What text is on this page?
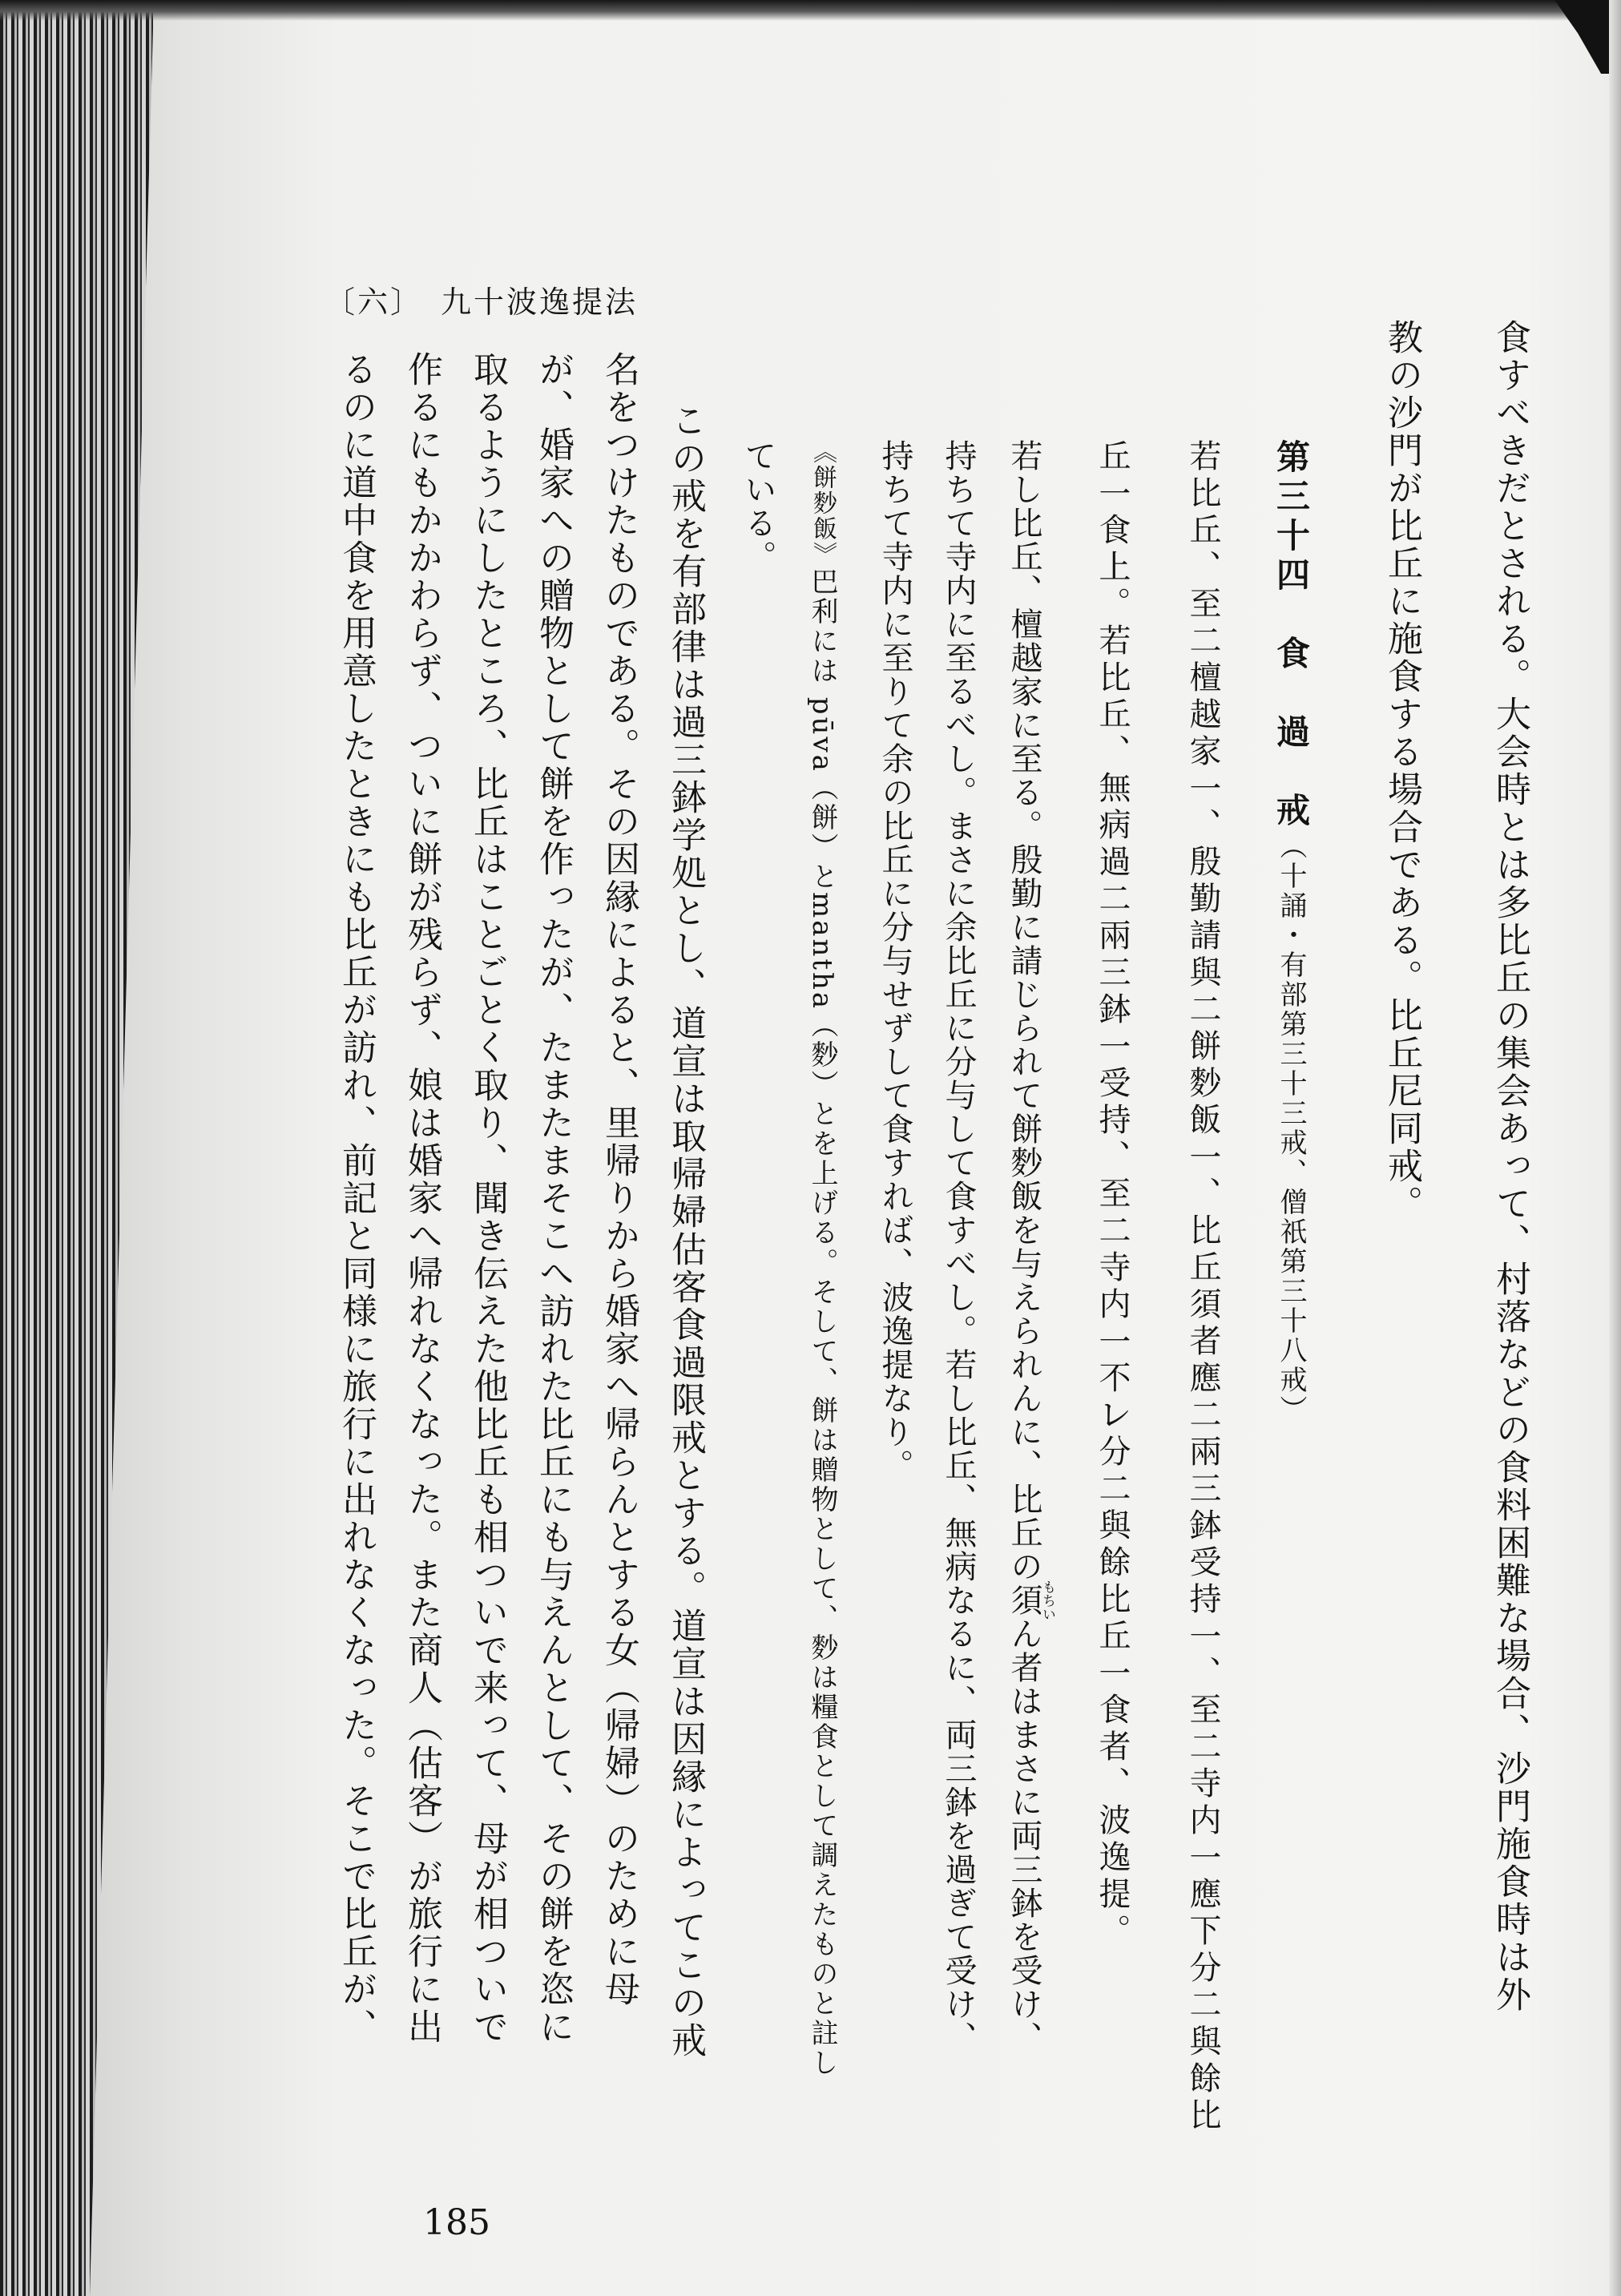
〔六〕 九十波逸提法
食すべきだとされる。大会時とは多比丘の集会あって、村落などの食料困難な場合、沙門施食時は外
教の沙門が比丘に施食する場合である。比丘尼同戒。
第三十四　食　過　戒（十誦・有部第三十三戒、僧祇第三十八戒）
若比丘、至㆓檀越家㆒、殷勤請與㆓餅麨飯㆒、比丘須者應㆓兩三鉢受持㆒、至㆓寺内㆒應㆘分㆓與餘比
丘㆒食㆖。若比丘、無病過㆓兩三鉢㆒受持、至㆓寺内㆒不㆑分㆓與餘比丘㆒食者、波逸提。
若し比丘、檀越家に至る。殷勤に請じられて餅麨飯を与えられんに、比丘の須もちいん者はまさに両三鉢を受け、
持ちて寺内に至るべし。まさに余比丘に分与して食すべし。若し比丘、無病なるに、両三鉢を過ぎて受け、
持ちて寺内に至りて余の比丘に分与せずして食すれば、波逸提なり。
《餅麨飯》巴利には pūva（餅）とmantha（麨）とを上げる。そして、餅は贈物として、麨は糧食として調えたものと註し
ている。
この戒を有部律は過三鉢学処とし、道宣は取帰婦估客食過限戒とする。道宣は因縁によってこの戒
名をつけたものである。その因縁によると、里帰りから婚家へ帰らんとする女（帰婦）のために母
が、婚家への贈物として餅を作ったが、たまたまそこへ訪れた比丘にも与えんとして、その餅を恣に
取るようにしたところ、比丘はことごとく取り、聞き伝えた他比丘も相ついで来って、母が相ついで
作るにもかかわらず、ついに餅が残らず、娘は婚家へ帰れなくなった。また商人（估客）が旅行に出
るのに道中食を用意したときにも比丘が訪れ、前記と同様に旅行に出れなくなった。そこで比丘が、
185
